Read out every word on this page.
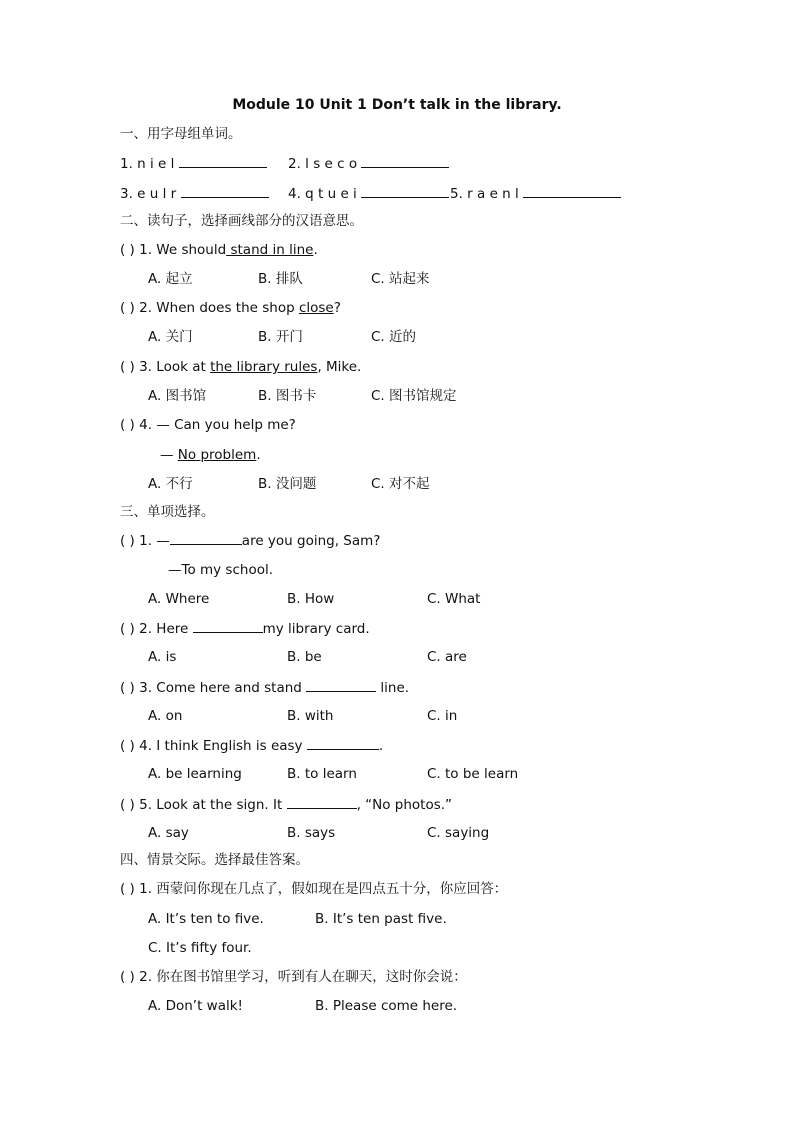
Module 10 Unit 1 Don’t talk in the library.
一、用字母组单词。
1. n i e l	2. l s e c o
3. e u l r	4. q t u e i	5. r a e n l
二、读句子，选择画线部分的汉语意思。
( ) 1. We should stand in line.
A. 起立	B. 排队	C. 站起来
( ) 2. When does the shop close?
A. 关门	B. 开门	C. 近的
( ) 3. Look at the library rules, Mike.
A. 图书馆	B. 图书卡	C. 图书馆规定
( ) 4. — Can you help me?
— No problem.
A. 不行	B. 没问题	C. 对不起
三、单项选择。
( ) 1. —	are you going, Sam?
—To my school.
A. Where	B. How	C. What
( ) 2. Here	my library card.
A. is	B. be	C. are
( ) 3. Come here and stand	line.
A. on	B. with	C. in
( ) 4. I think English is easy	.
A. be learning	B. to learn	C. to be learn
( ) 5. Look at the sign. It	, “No photos.”
A. say	B. says	C. saying
四、情景交际。选择最佳答案。
( ) 1. 西蒙问你现在几点了，假如现在是四点五十分，你应回答：
A. It’s ten to five.	B. It’s ten past five.
C. It’s fifty four.
( ) 2. 你在图书馆里学习，听到有人在聊天，这时你会说：
A. Don’t walk!	B. Please come here.
